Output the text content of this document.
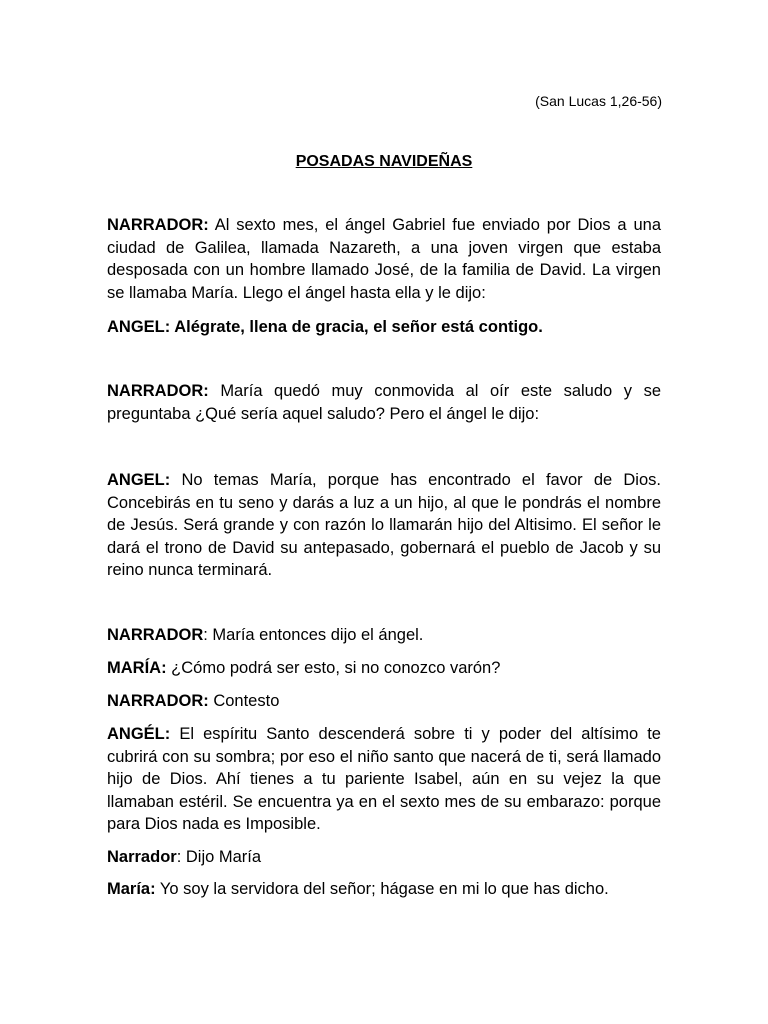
(San Lucas 1,26-56)
POSADAS NAVIDEÑAS

NARRADOR: Al sexto mes, el ángel Gabriel fue enviado por Dios a una ciudad de Galilea, llamada Nazareth, a una joven virgen que estaba desposada con un hombre llamado José, de la familia de David. La virgen se llamaba María. Llego el ángel hasta ella y le dijo:

ANGEL: Alégrate, llena de gracia, el señor está contigo.

NARRADOR: María quedó muy conmovida al oír este saludo y se preguntaba ¿Qué sería aquel saludo? Pero el ángel le dijo:

ANGEL: No temas María, porque has encontrado el favor de Dios. Concebirás en tu seno y darás a luz a un hijo, al que le pondrás el nombre de Jesús. Será grande y con razón lo llamarán hijo del Altisimo. El señor le dará el trono de David su antepasado, gobernará el pueblo de Jacob y su reino nunca terminará.

NARRADOR: María entonces dijo el ángel.

MARÍA: ¿Cómo podrá ser esto, si no conozco varón?

NARRADOR: Contesto

ANGÉL: El espíritu Santo descenderá sobre ti y poder del altísimo te cubrirá con su sombra; por eso el niño santo que nacerá de ti, será llamado hijo de Dios. Ahí tienes a tu pariente Isabel, aún en su vejez la que llamaban estéril. Se encuentra ya en el sexto mes de su embarazo: porque para Dios nada es Imposible.

Narrador: Dijo María

María: Yo soy la servidora del señor; hágase en mi lo que has dicho.
